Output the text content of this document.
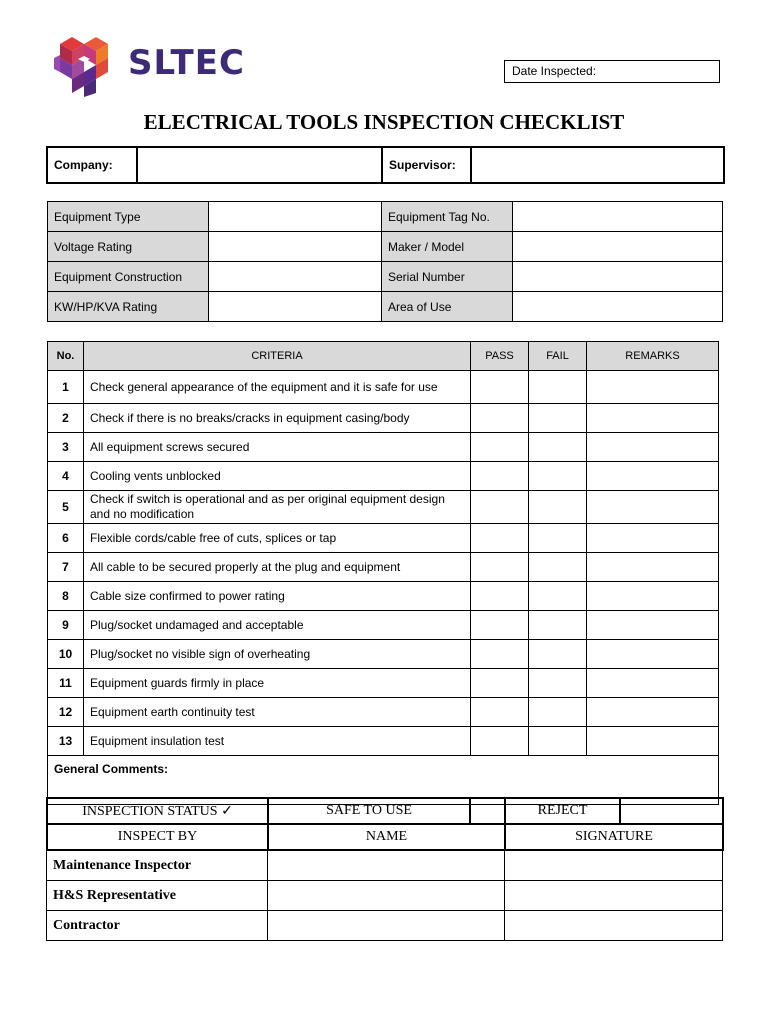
SLTEC	Date Inspected:
ELECTRICAL TOOLS INSPECTION CHECKLIST
Company:		Supervisor:	
Equipment Type		Equipment Tag No.	
Voltage Rating		Maker / Model	
Equipment Construction		Serial Number	
KW/HP/KVA Rating		Area of Use	
No.	CRITERIA	PASS	FAIL	REMARKS
1	Check general appearance of the equipment and it is safe for use			
2	Check if there is no breaks/cracks in equipment casing/body			
3	All equipment screws secured			
4	Cooling vents unblocked			
5	Check if switch is operational and as per original equipment design and no modification			
6	Flexible cords/cable free of cuts, splices or tap			
7	All cable to be secured properly at the plug and equipment			
8	Cable size confirmed to power rating			
9	Plug/socket undamaged and acceptable			
10	Plug/socket no visible sign of overheating			
11	Equipment guards firmly in place			
12	Equipment earth continuity test			
13	Equipment insulation test			
General Comments:				
INSPECTION STATUS ✓	SAFE TO USE		REJECT	
INSPECT BY	NAME		SIGNATURE	
Maintenance Inspector		
H&S Representative		
Contractor		
